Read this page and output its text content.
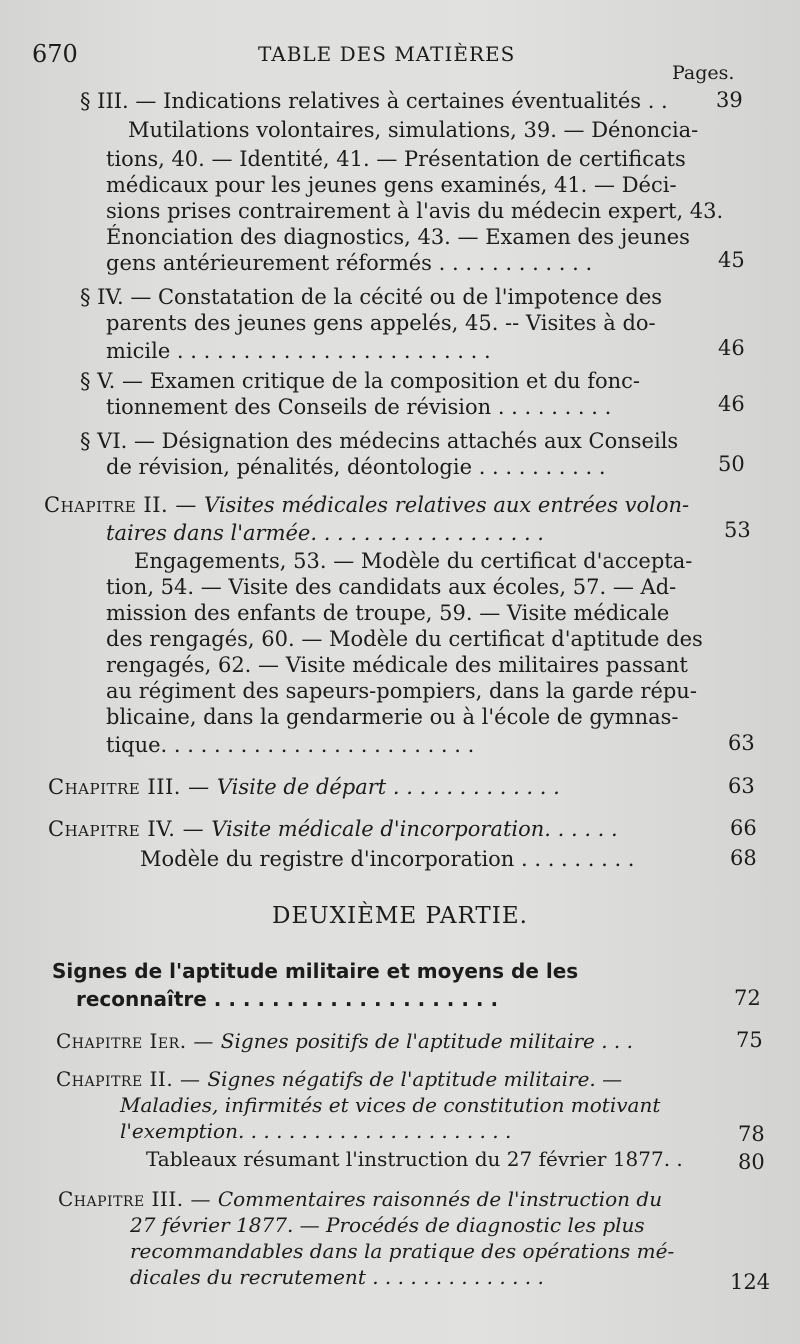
670	TABLE DES MATIÈRES
Pages.
§ III. — Indications relatives à certaines éventualités . . 39
Mutilations volontaires, simulations, 39. — Dénoncia-
tions, 40. — Identité, 41. — Présentation de certificats
médicaux pour les jeunes gens examinés, 41. — Déci-
sions prises contrairement à l'avis du médecin expert, 43.
Énonciation des diagnostics, 43. — Examen des jeunes
gens antérieurement réformés . . . . . . . . . . . .	45
§ IV. — Constatation de la cécité ou de l'impotence des
parents des jeunes gens appelés, 45. -- Visites à do-
micile . . . . . . . . . . . . . . . . . . . . . . . .	46
§ V. — Examen critique de la composition et du fonc-
tionnement des Conseils de révision . . . . . . . . .	46
§ VI. — Désignation des médecins attachés aux Conseils
de révision, pénalités, déontologie . . . . . . . . . .	50
Chapitre II. — Visites médicales relatives aux entrées volon-
taires dans l'armée. . . . . . . . . . . . . . . . . .	53
Engagements, 53. — Modèle du certificat d'accepta-
tion, 54. — Visite des candidats aux écoles, 57. — Ad-
mission des enfants de troupe, 59. — Visite médicale
des rengagés, 60. — Modèle du certificat d'aptitude des
rengagés, 62. — Visite médicale des militaires passant
au régiment des sapeurs-pompiers, dans la garde répu-
blicaine, dans la gendarmerie ou à l'école de gymnas-
tique. . . . . . . . . . . . . . . . . . . . . . . .	63
Chapitre III. — Visite de départ . . . . . . . . . . . . .	63
Chapitre IV. — Visite médicale d'incorporation. . . . . .	66
Modèle du registre d'incorporation . . . . . . . . .	68
DEUXIÈME PARTIE.
Signes de l'aptitude militaire et moyens de les
reconnaître . . . . . . . . . . . . . . . . . . . .	72
Chapitre Ier. — Signes positifs de l'aptitude militaire . . .	75
Chapitre II. — Signes négatifs de l'aptitude militaire. —
Maladies, infirmités et vices de constitution motivant
l'exemption. . . . . . . . . . . . . . . . . . . . . .	78
Tableaux résumant l'instruction du 27 février 1877. .	80
Chapitre III. — Commentaires raisonnés de l'instruction du
27 février 1877. — Procédés de diagnostic les plus
recommandables dans la pratique des opérations mé-
dicales du recrutement . . . . . . . . . . . . . .	124
